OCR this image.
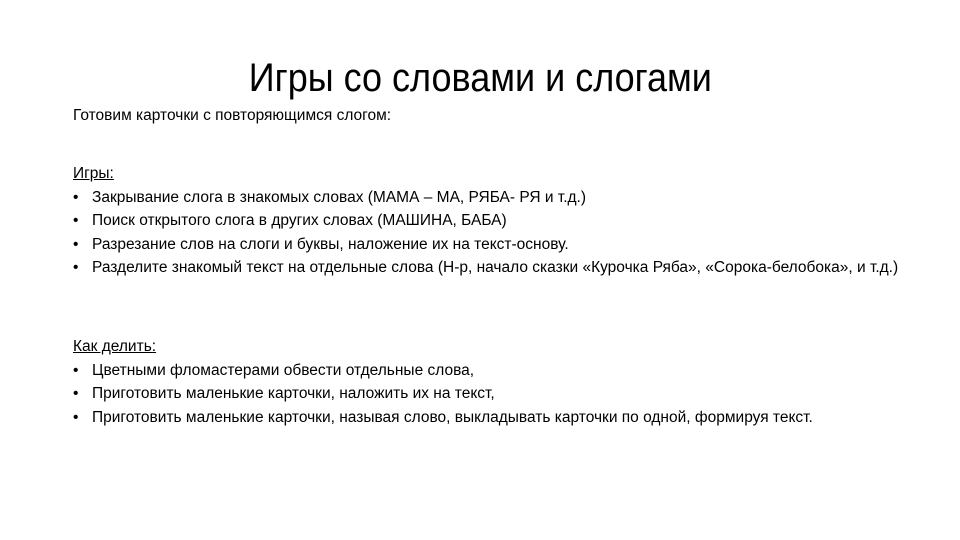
Игры со словами и слогами
Готовим карточки с повторяющимся слогом:
Игры:
• Закрывание слога в знакомых словах (МАМА – МА, РЯБА- РЯ и т.д.)
• Поиск открытого слога в других словах (МАШИНА, БАБА)
• Разрезание слов на слоги и буквы, наложение их на текст-основу.
• Разделите знакомый текст на отдельные слова (Н-р, начало сказки «Курочка Ряба», «Сорока-белобока», и т.д.)
Как делить:
• Цветными фломастерами обвести отдельные слова,
• Приготовить маленькие карточки, наложить их на текст,
• Приготовить маленькие карточки, называя слово, выкладывать карточки по одной, формируя текст.
